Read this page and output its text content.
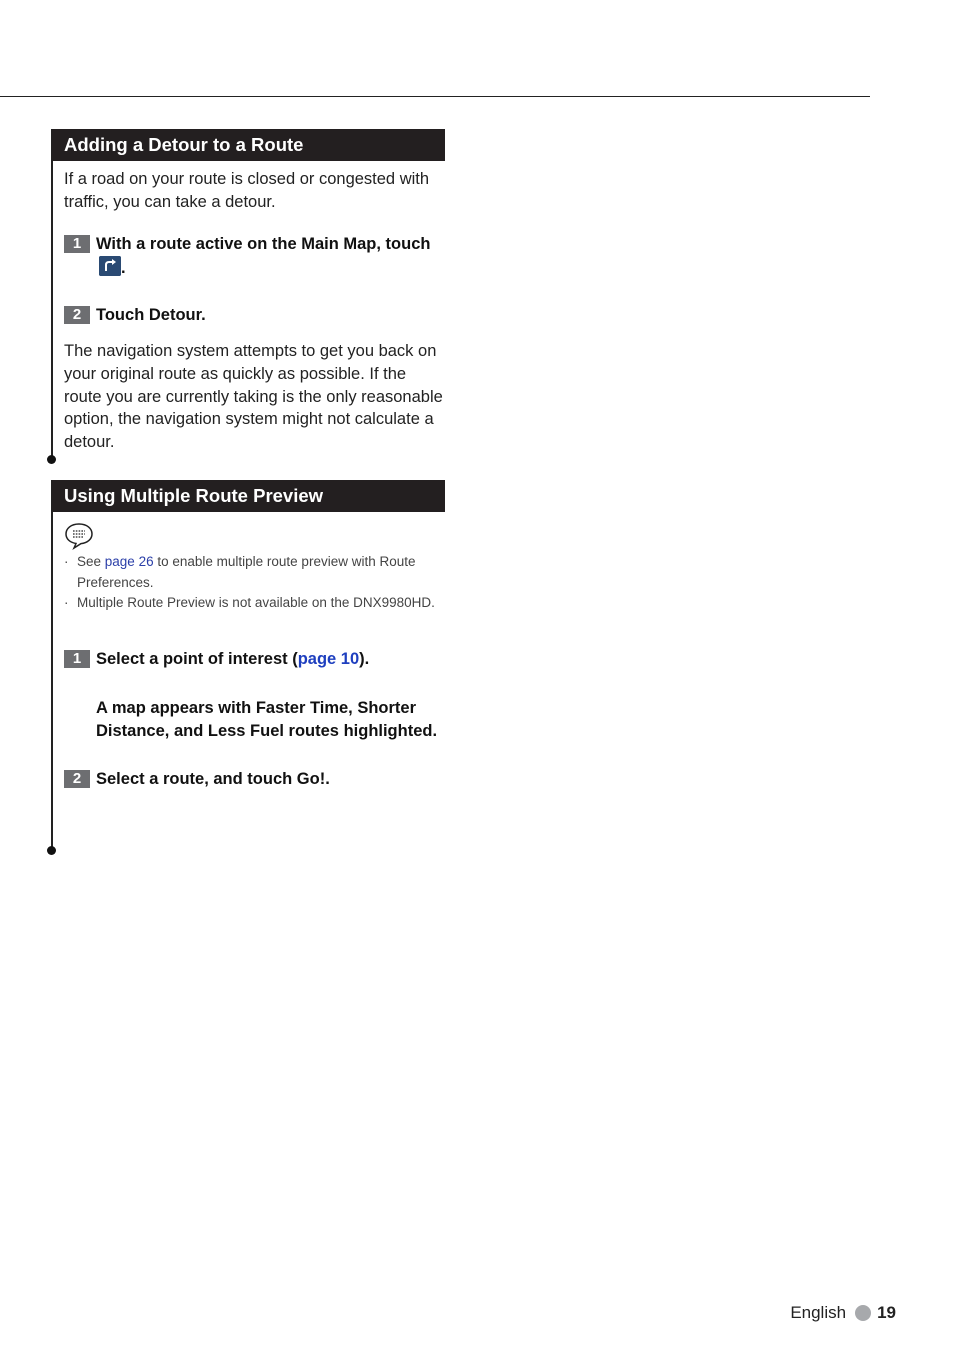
Adding a Detour to a Route
If a road on your route is closed or congested with traffic, you can take a detour.
1 With a route active on the Main Map, touch.
2 Touch Detour.
The navigation system attempts to get you back on your original route as quickly as possible. If the route you are currently taking is the only reasonable option, the navigation system might not calculate a detour.
Using Multiple Route Preview
· See page 26 to enable multiple route preview with Route Preferences.
· Multiple Route Preview is not available on the DNX9980HD.
1 Select a point of interest (page 10).
A map appears with Faster Time, Shorter Distance, and Less Fuel routes highlighted.
2 Select a route, and touch Go!.
English 19
